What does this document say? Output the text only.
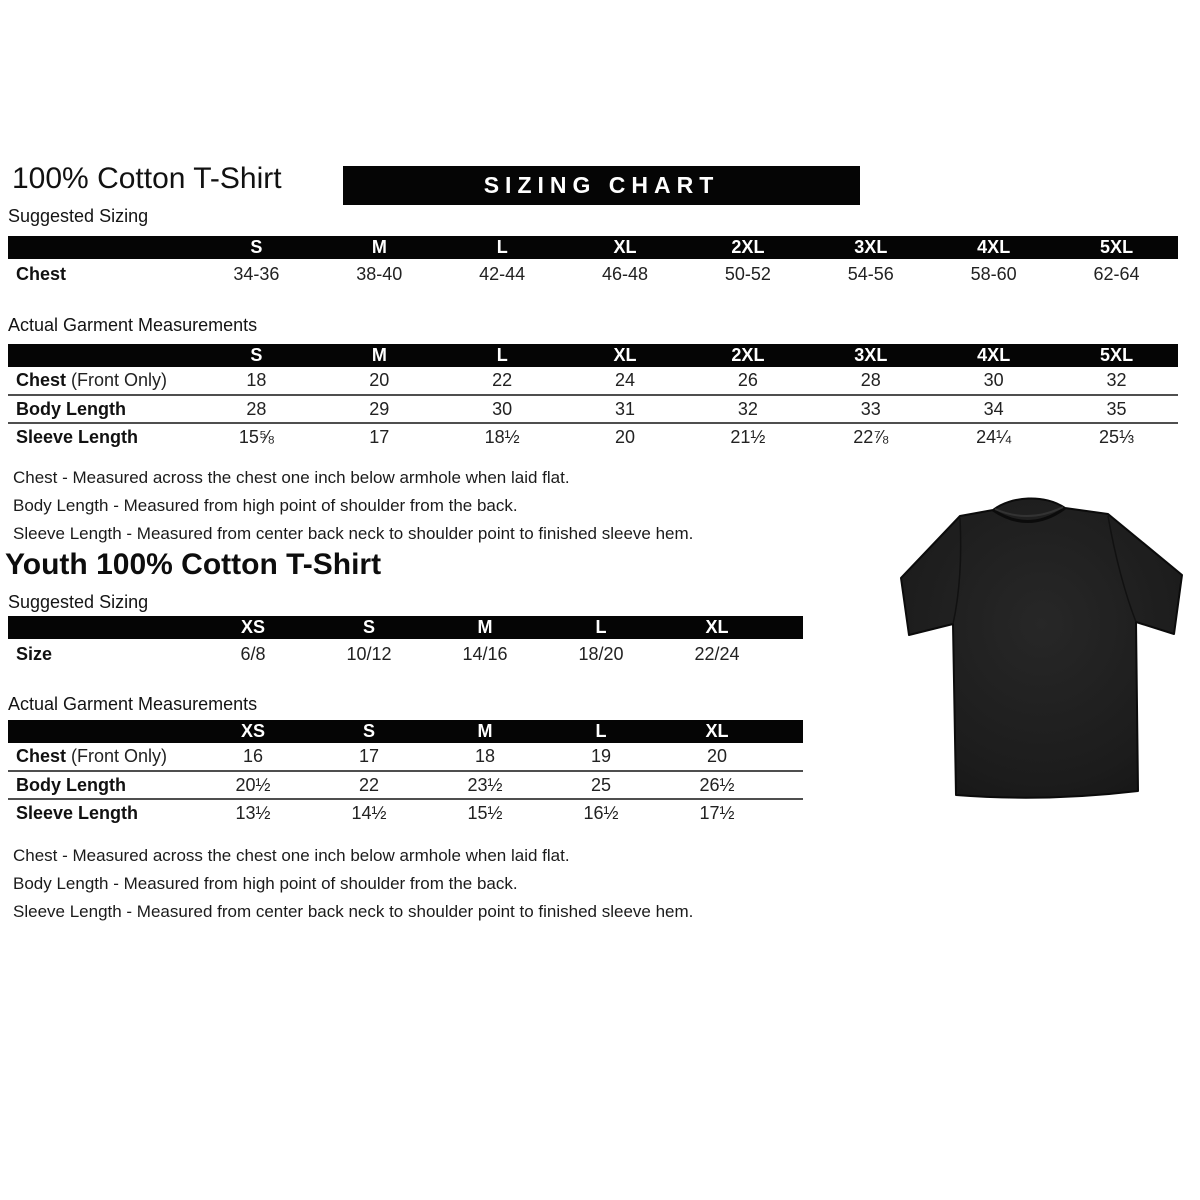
100% Cotton T-Shirt	SIZING CHART
Suggested Sizing
	S	M	L	XL	2XL	3XL	4XL	5XL
Chest	34-36	38-40	42-44	46-48	50-52	54-56	58-60	62-64
Actual Garment Measurements
	S	M	L	XL	2XL	3XL	4XL	5XL
Chest (Front Only)	18	20	22	24	26	28	30	32
Body Length	28	29	30	31	32	33	34	35
Sleeve Length	15⅝	17	18½	20	21½	22⅞	24¼	25⅓
Chest - Measured across the chest one inch below armhole when laid flat.
Body Length - Measured from high point of shoulder from the back.
Sleeve Length - Measured from center back neck to shoulder point to finished sleeve hem.
Youth 100% Cotton T-Shirt
Suggested Sizing
	XS	S	M	L	XL	
Size	6/8	10/12	14/16	18/20	22/24	
Actual Garment Measurements
	XS	S	M	L	XL	
Chest (Front Only)	16	17	18	19	20	
Body Length	20½	22	23½	25	26½	
Sleeve Length	13½	14½	15½	16½	17½	
Chest - Measured across the chest one inch below armhole when laid flat.
Body Length - Measured from high point of shoulder from the back.
Sleeve Length - Measured from center back neck to shoulder point to finished sleeve hem.
